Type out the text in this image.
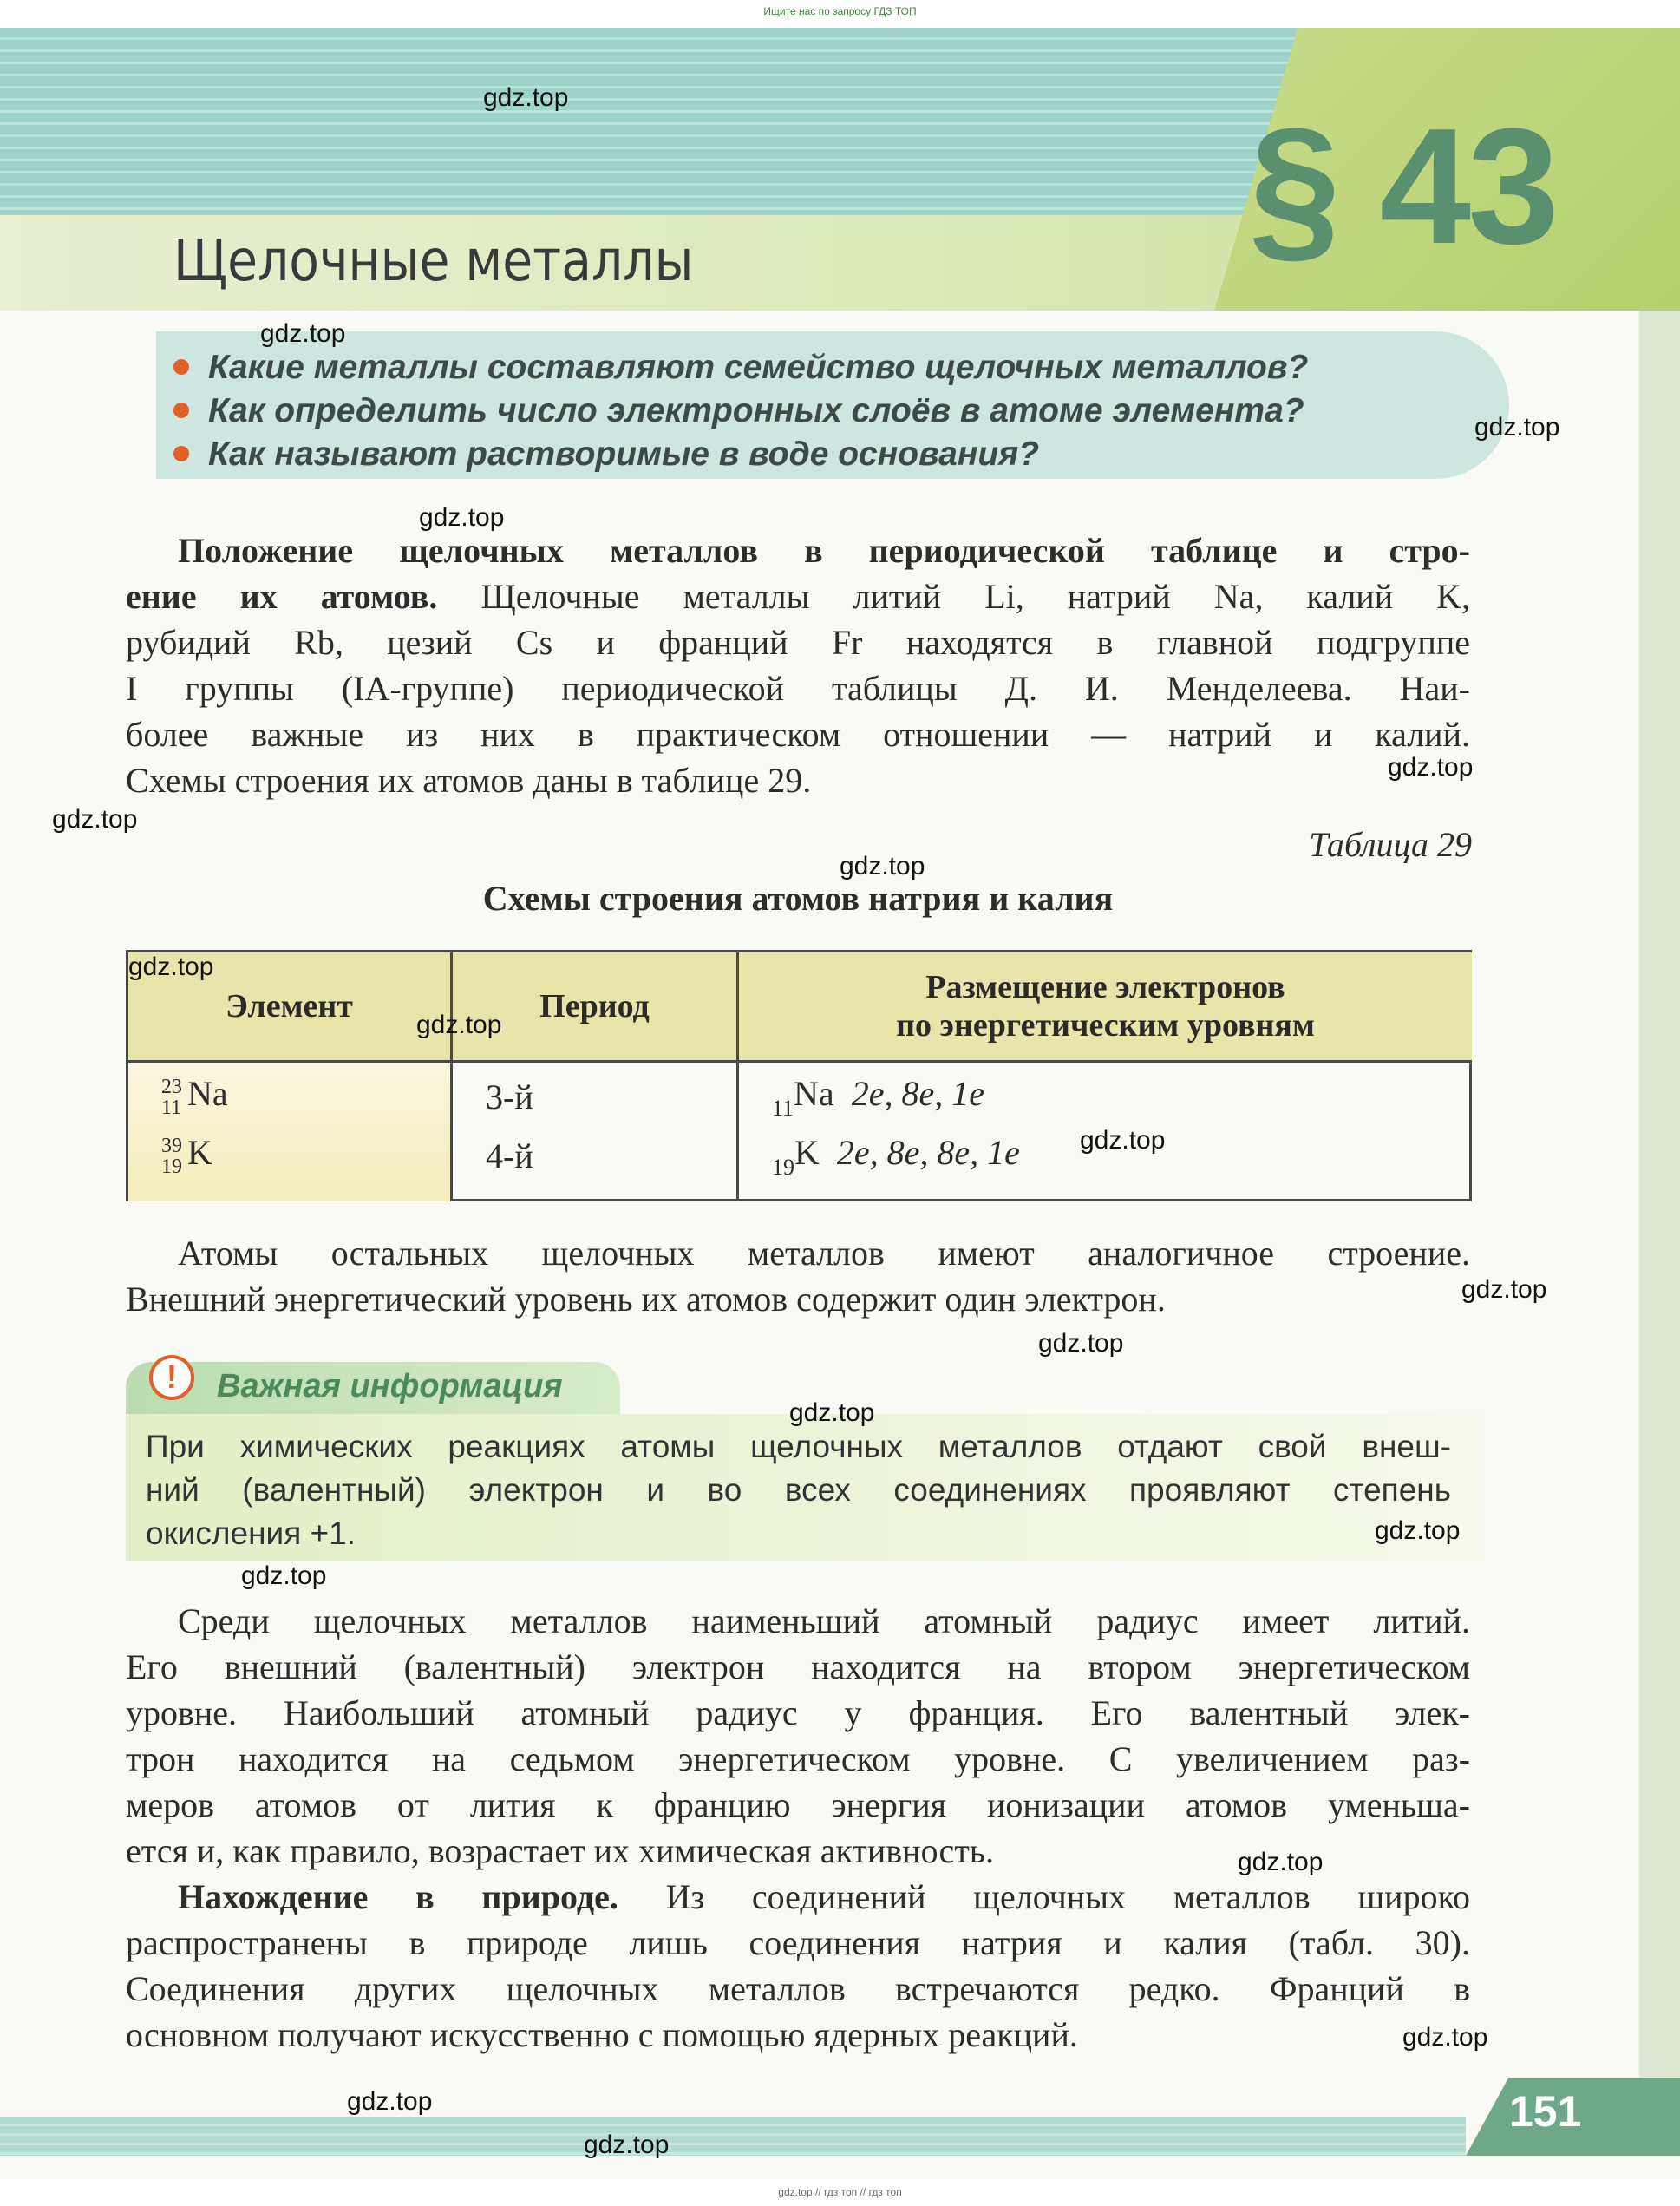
Ищите нас по запросу ГДЗ ТОП
§ 43
Щелочные металлы
Какие металлы составляют семейство щелочных металлов?
Как определить число электронных слоёв в атоме элемента?
Как называют растворимые в воде основания?
Положение щелочных металлов в периодической таблице и стро-
ение их атомов. Щелочные металлы литий Li, натрий Na, калий K,
рубидий Rb, цезий Cs и франций Fr находятся в главной подгруппе
I группы (IA-группе) периодической таблицы Д. И. Менделеева. Наи-
более важные из них в практическом отношении — натрий и калий.
Схемы строения их атомов даны в таблице 29.
Таблица 29
Схемы строения атомов натрия и калия
Элемент	Период
Размещение электронов
по энергетическим уровням
23
11 Na
39
19 K
3-й
4-й
$_{11}$Na 2e, 8e, 1e
$_{19}$K 2e, 8e, 8e, 1e
Атомы остальных щелочных металлов имеют аналогичное строение.
Внешний энергетический уровень их атомов содержит один электрон.
!	Важная информация
При химических реакциях атомы щелочных металлов отдают свой внеш-
ний (валентный) электрон и во всех соединениях проявляют степень
окисления +1.
Среди щелочных металлов наименьший атомный радиус имеет литий.
Его внешний (валентный) электрон находится на втором энергетическом
уровне. Наибольший атомный радиус у франция. Его валентный элек-
трон находится на седьмом энергетическом уровне. С увеличением раз-
меров атомов от лития к францию энергия ионизации атомов уменьша-
ется и, как правило, возрастает их химическая активность.
Нахождение в природе. Из соединений щелочных металлов широко
распространены в природе лишь соединения натрия и калия (табл. 30).
Соединения других щелочных металлов встречаются редко. Франций в
основном получают искусственно с помощью ядерных реакций.
151
gdz.top
gdz.top
gdz.top
gdz.top
gdz.top
gdz.top
gdz.top
gdz.top
gdz.top
gdz.top
gdz.top
gdz.top
gdz.top
gdz.top
gdz.top
gdz.top
gdz.top
gdz.top
gdz.top
gdz.top // гдз топ // гдз топ
